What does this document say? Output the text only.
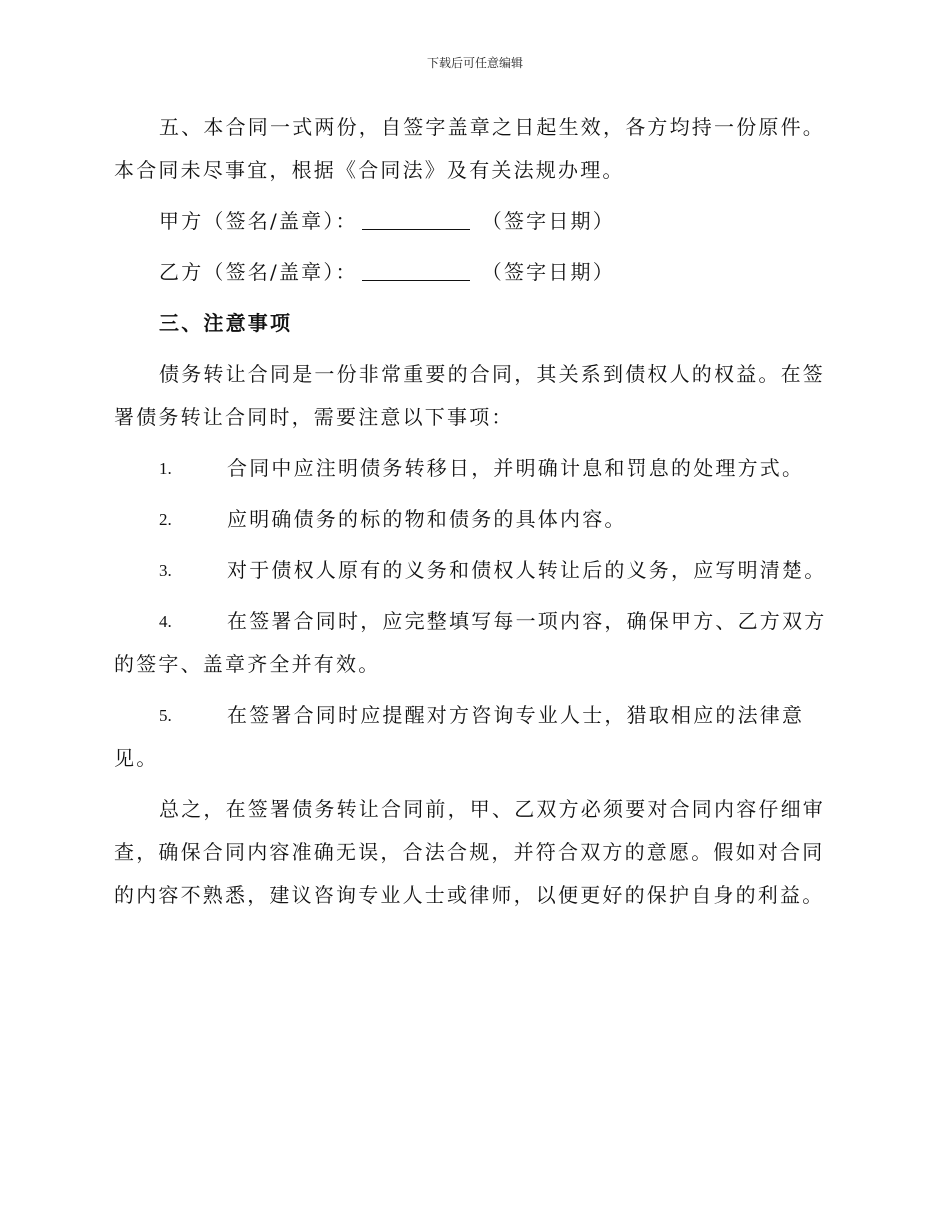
下载后可任意编辑

五、本合同一式两份，自签字盖章之日起生效，各方均持一份原件。本合同未尽事宜，根据《合同法》及有关法规办理。

甲方（签名/盖章）：	（签字日期）

乙方（签名/盖章）：	（签字日期）

三、注意事项

债务转让合同是一份非常重要的合同，其关系到债权人的权益。在签署债务转让合同时，需要注意以下事项：

1.	合同中应注明债务转移日，并明确计息和罚息的处理方式。
2.	应明确债务的标的物和债务的具体内容。
3.	对于债权人原有的义务和债权人转让后的义务，应写明清楚。
4.	在签署合同时，应完整填写每一项内容，确保甲方、乙方双方的签字、盖章齐全并有效。
5.	在签署合同时应提醒对方咨询专业人士，猎取相应的法律意见。

总之，在签署债务转让合同前，甲、乙双方必须要对合同内容仔细审查，确保合同内容准确无误，合法合规，并符合双方的意愿。假如对合同的内容不熟悉，建议咨询专业人士或律师，以便更好的保护自身的利益。
